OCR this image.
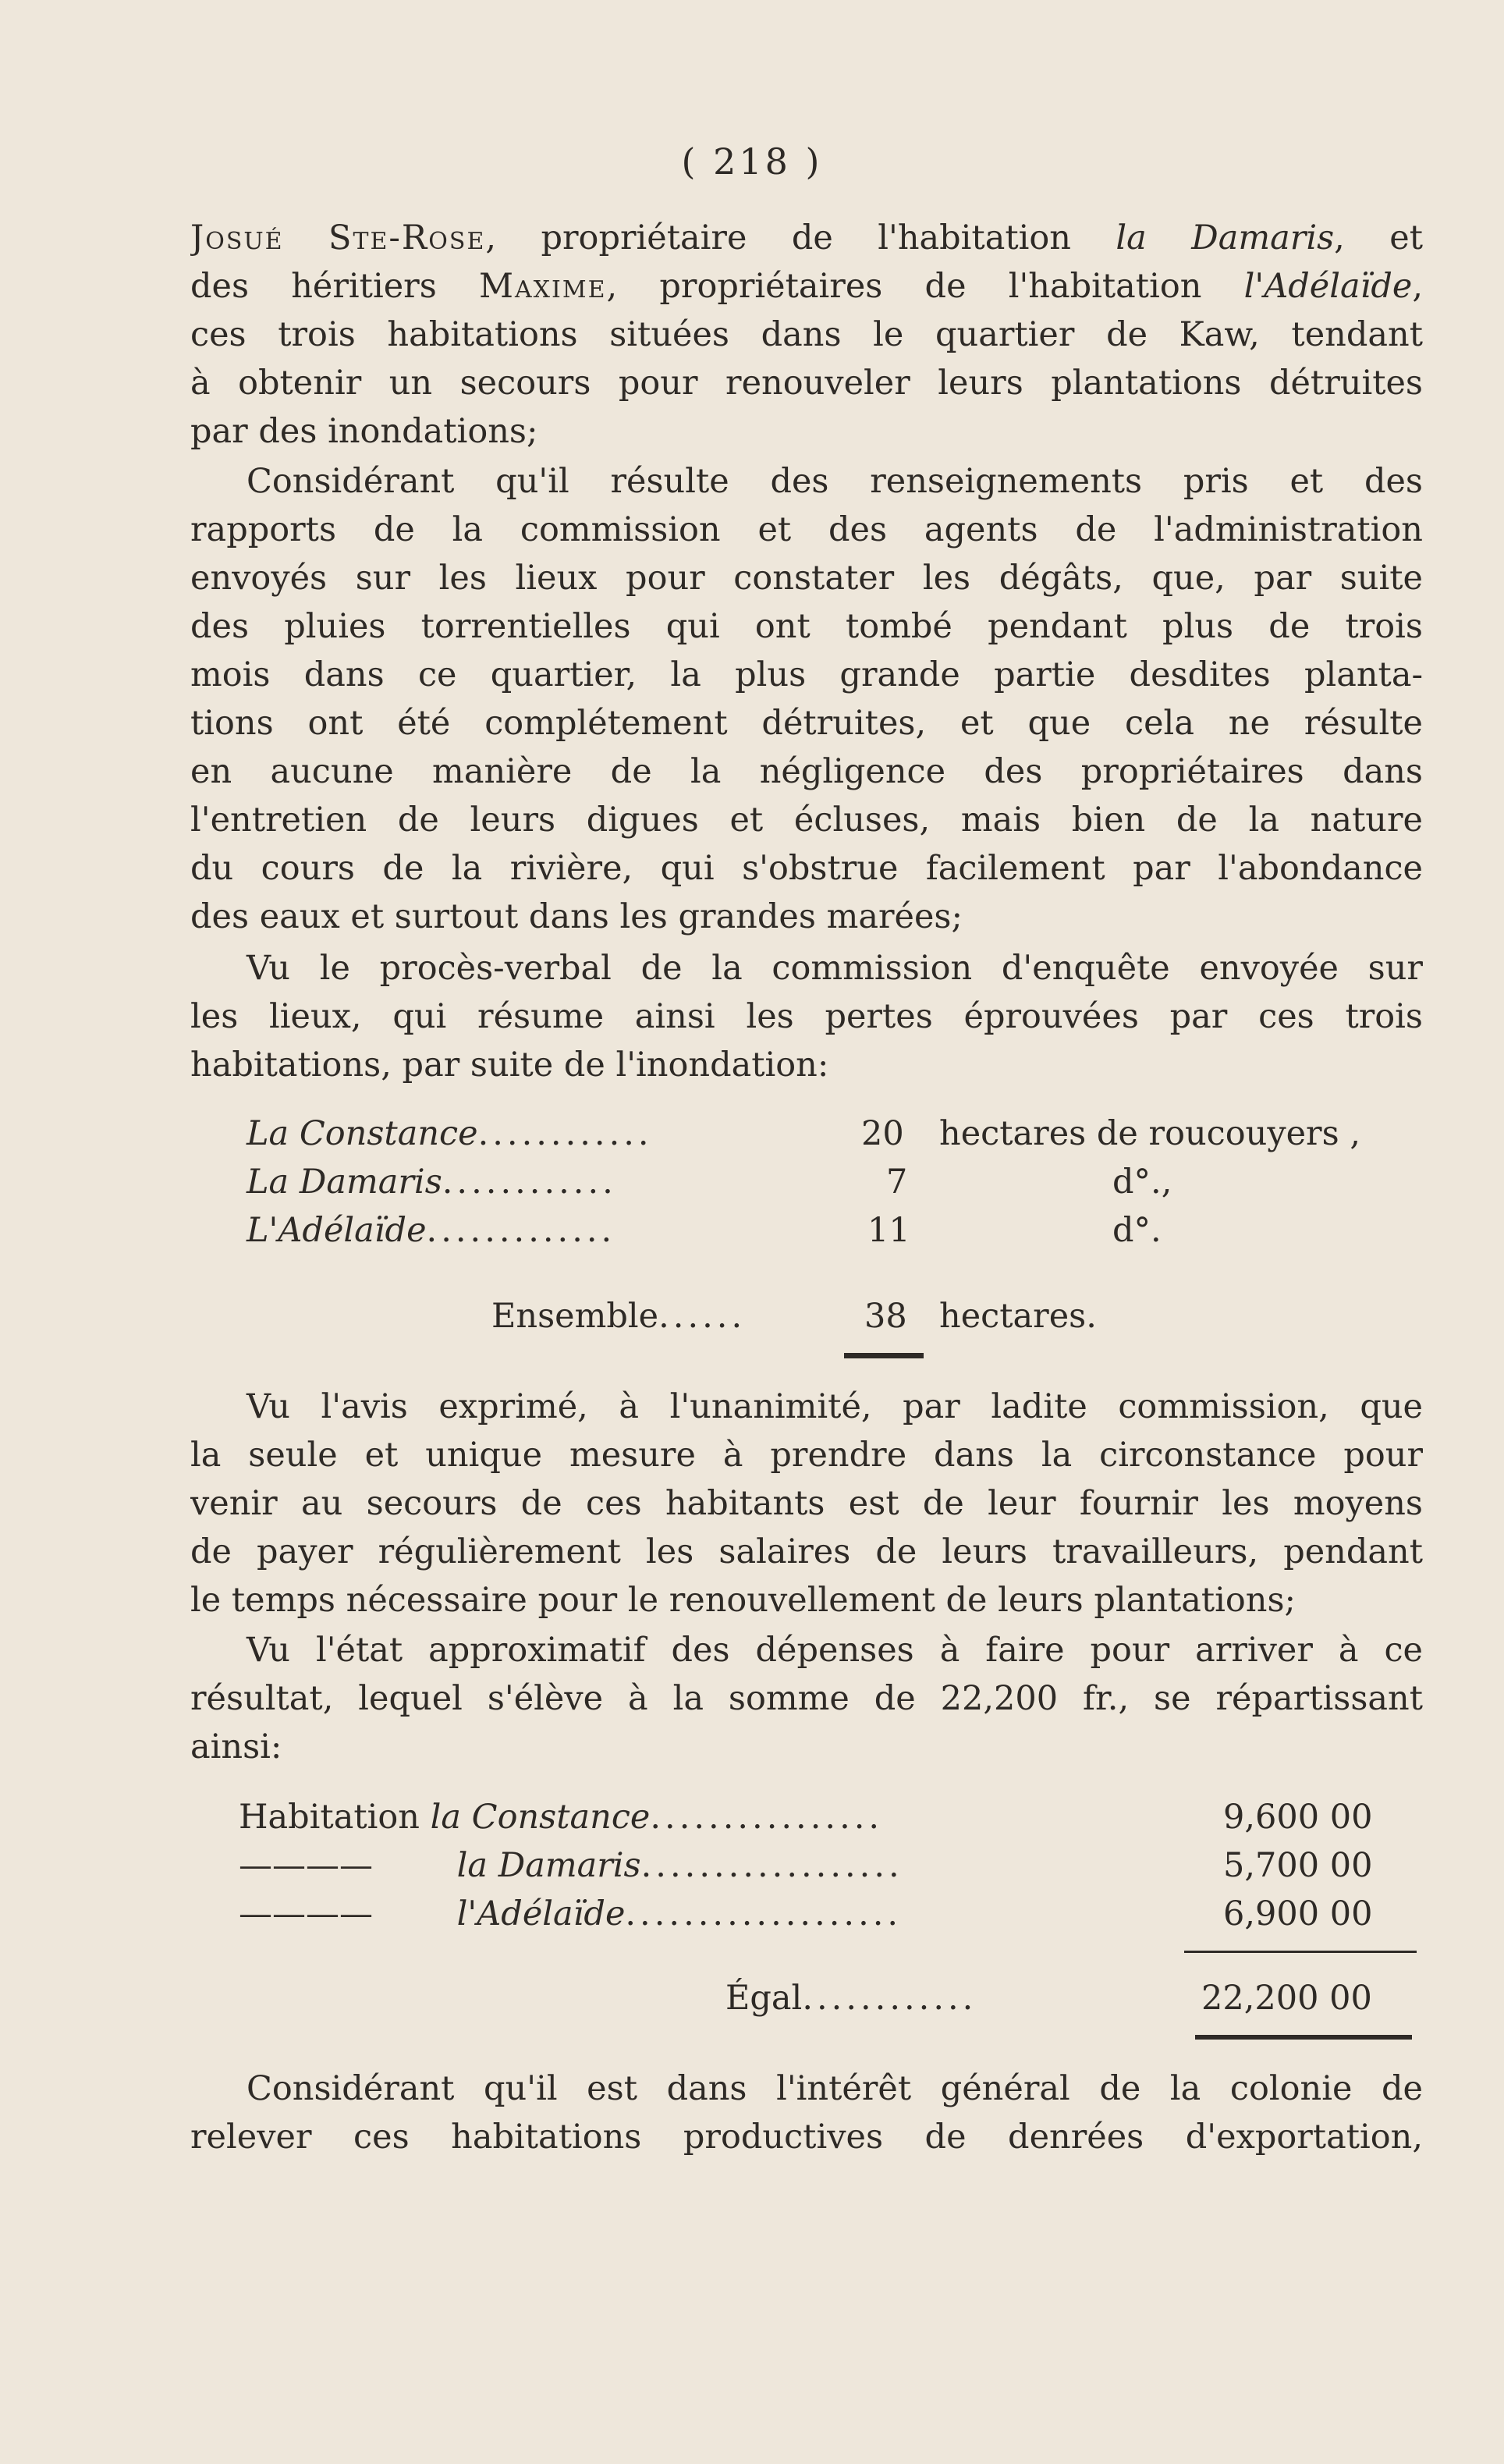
( 218 )
Josué Ste-Rose, propriétaire de l'habitation la Damaris, et
des héritiers Maxime, propriétaires de l'habitation l'Adélaïde,
ces trois habitations situées dans le quartier de Kaw, tendant
à obtenir un secours pour renouveler leurs plantations détruites
par des inondations;
Considérant qu'il résulte des renseignements pris et des
rapports de la commission et des agents de l'administration
envoyés sur les lieux pour constater les dégâts, que, par suite
des pluies torrentielles qui ont tombé pendant plus de trois
mois dans ce quartier, la plus grande partie desdites planta-
tions ont été complétement détruites, et que cela ne résulte
en aucune manière de la négligence des propriétaires dans
l'entretien de leurs digues et écluses, mais bien de la nature
du cours de la rivière, qui s'obstrue facilement par l'abondance
des eaux et surtout dans les grandes marées;
Vu le procès-verbal de la commission d'enquête envoyée sur
les lieux, qui résume ainsi les pertes éprouvées par ces trois
habitations, par suite de l'inondation:
La Constance............	20 hectares de roucouyers ,
La Damaris............	7	d°.,
L'Adélaïde.............	11	d°.
Ensemble......	38 hectares.
Vu l'avis exprimé, à l'unanimité, par ladite commission, que
la seule et unique mesure à prendre dans la circonstance pour
venir au secours de ces habitants est de leur fournir les moyens
de payer régulièrement les salaires de leurs travailleurs, pendant
le temps nécessaire pour le renouvellement de leurs plantations;
Vu l'état approximatif des dépenses à faire pour arriver à ce
résultat, lequel s'élève à la somme de 22,200 fr., se répartissant
ainsi:
Habitation la Constance................	9,600 00
————	la Damaris..................	5,700 00
————	l'Adélaïde...................	6,900 00
Égal............	22,200 00
Considérant qu'il est dans l'intérêt général de la colonie de
relever ces habitations productives de denrées d'exportation,
